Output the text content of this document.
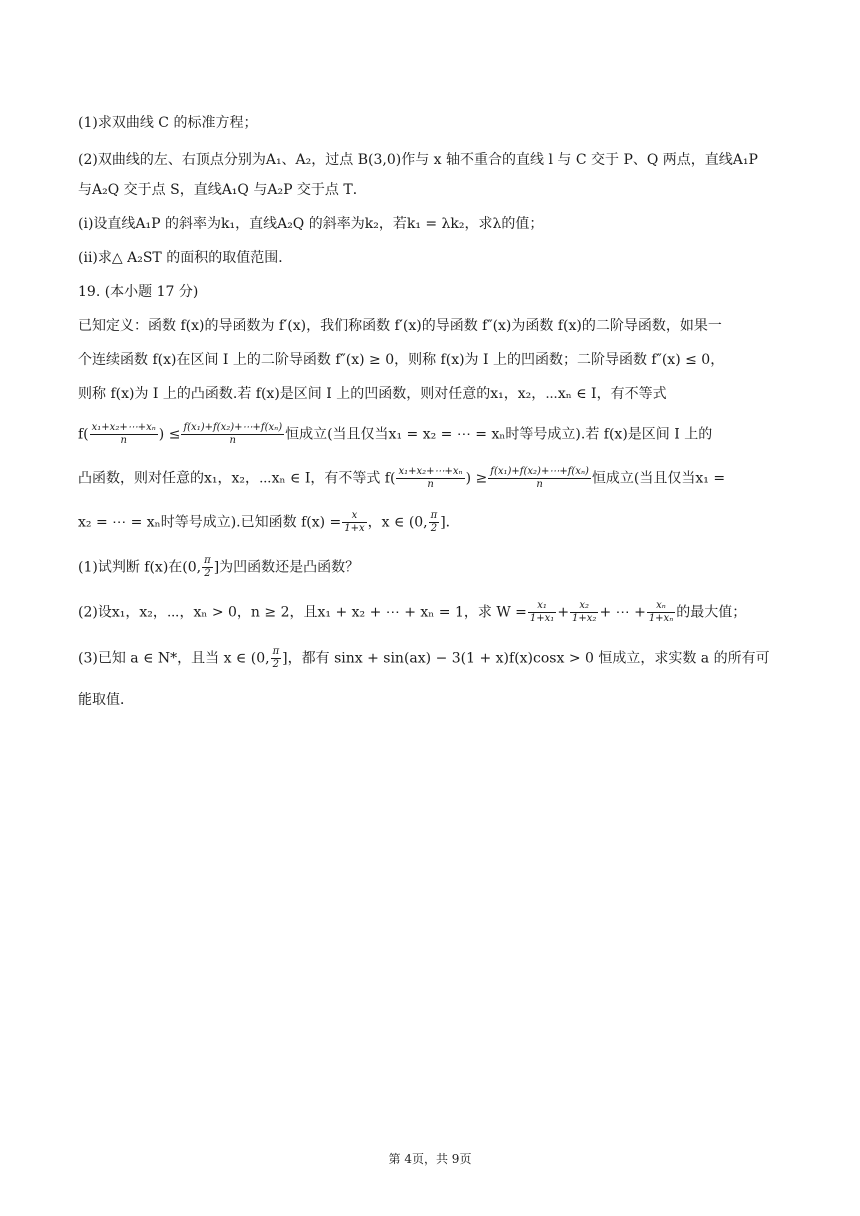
(1)求双曲线 C 的标准方程；
(2)双曲线的左、右顶点分别为A₁、A₂，过点 B(3,0)作与 x 轴不重合的直线 l 与 C 交于 P、Q 两点，直线A₁P
与A₂Q 交于点 S，直线A₁Q 与A₂P 交于点 T．
(i)设直线A₁P 的斜率为k₁，直线A₂Q 的斜率为k₂，若k₁ = λk₂，求λ的值；
(ii)求△ A₂ST 的面积的取值范围．
19. (本小题 17 分)
已知定义：函数 f(x)的导函数为 f′(x)，我们称函数 f′(x)的导函数 f″(x)为函数 f(x)的二阶导函数，如果一
个连续函数 f(x)在区间 I 上的二阶导函数 f″(x) ≥ 0，则称 f(x)为 I 上的凹函数；二阶导函数 f″(x) ≤ 0，
则称 f(x)为 I 上的凸函数.若 f(x)是区间 I 上的凹函数，则对任意的x₁，x₂，⋯xₙ ∈ I，有不等式
$f( \frac{\text{x₁+x₂+⋯+xₙ}}{n}$ ) ≤ $\frac{\text{f(x₁)+f(x₂)+⋯+f(xₙ)}}{n}$ 恒成立(当且仅当x₁ = x₂ = ⋯ = xₙ时等号成立).若 f(x)是区间 I 上的
凸函数，则对任意的x₁，x₂，⋯xₙ ∈ I，有不等式 $f( \frac{\text{x₁+x₂+⋯+xₙ}}{n}$ ) ≥ $\frac{\text{f(x₁)+f(x₂)+⋯+f(xₙ)}}{n}$ 恒成立(当且仅当x₁ =
x₂ = ⋯ = xₙ时等号成立).已知函数 $f(x) = \frac{x}{1+x}$ ，x ∈ (0, $\frac{\pi}{2}$ ]．
(1)试判断 f(x)在(0, $\frac{\pi}{2}$ ]为凹函数还是凸函数？
(2)设x₁，x₂，⋯，xₙ > 0，n ≥ 2，且x₁ + x₂ + ⋯ + xₙ = 1，求 $W = \frac{\text{x₁}}{\text{1+x₁}} + \frac{\text{x₂}}{\text{1+x₂}}$ + ⋯ + $\frac{\text{xₙ}}{\text{1+xₙ}}$ 的最大值；
(3)已知 a ∈ N*，且当 x ∈ (0, $\frac{\pi}{2}$ ]，都有 sinx + sin(ax) − 3(1 + x)f(x)cosx > 0 恒成立，求实数 a 的所有可
能取值．
第 4页，共 9页
